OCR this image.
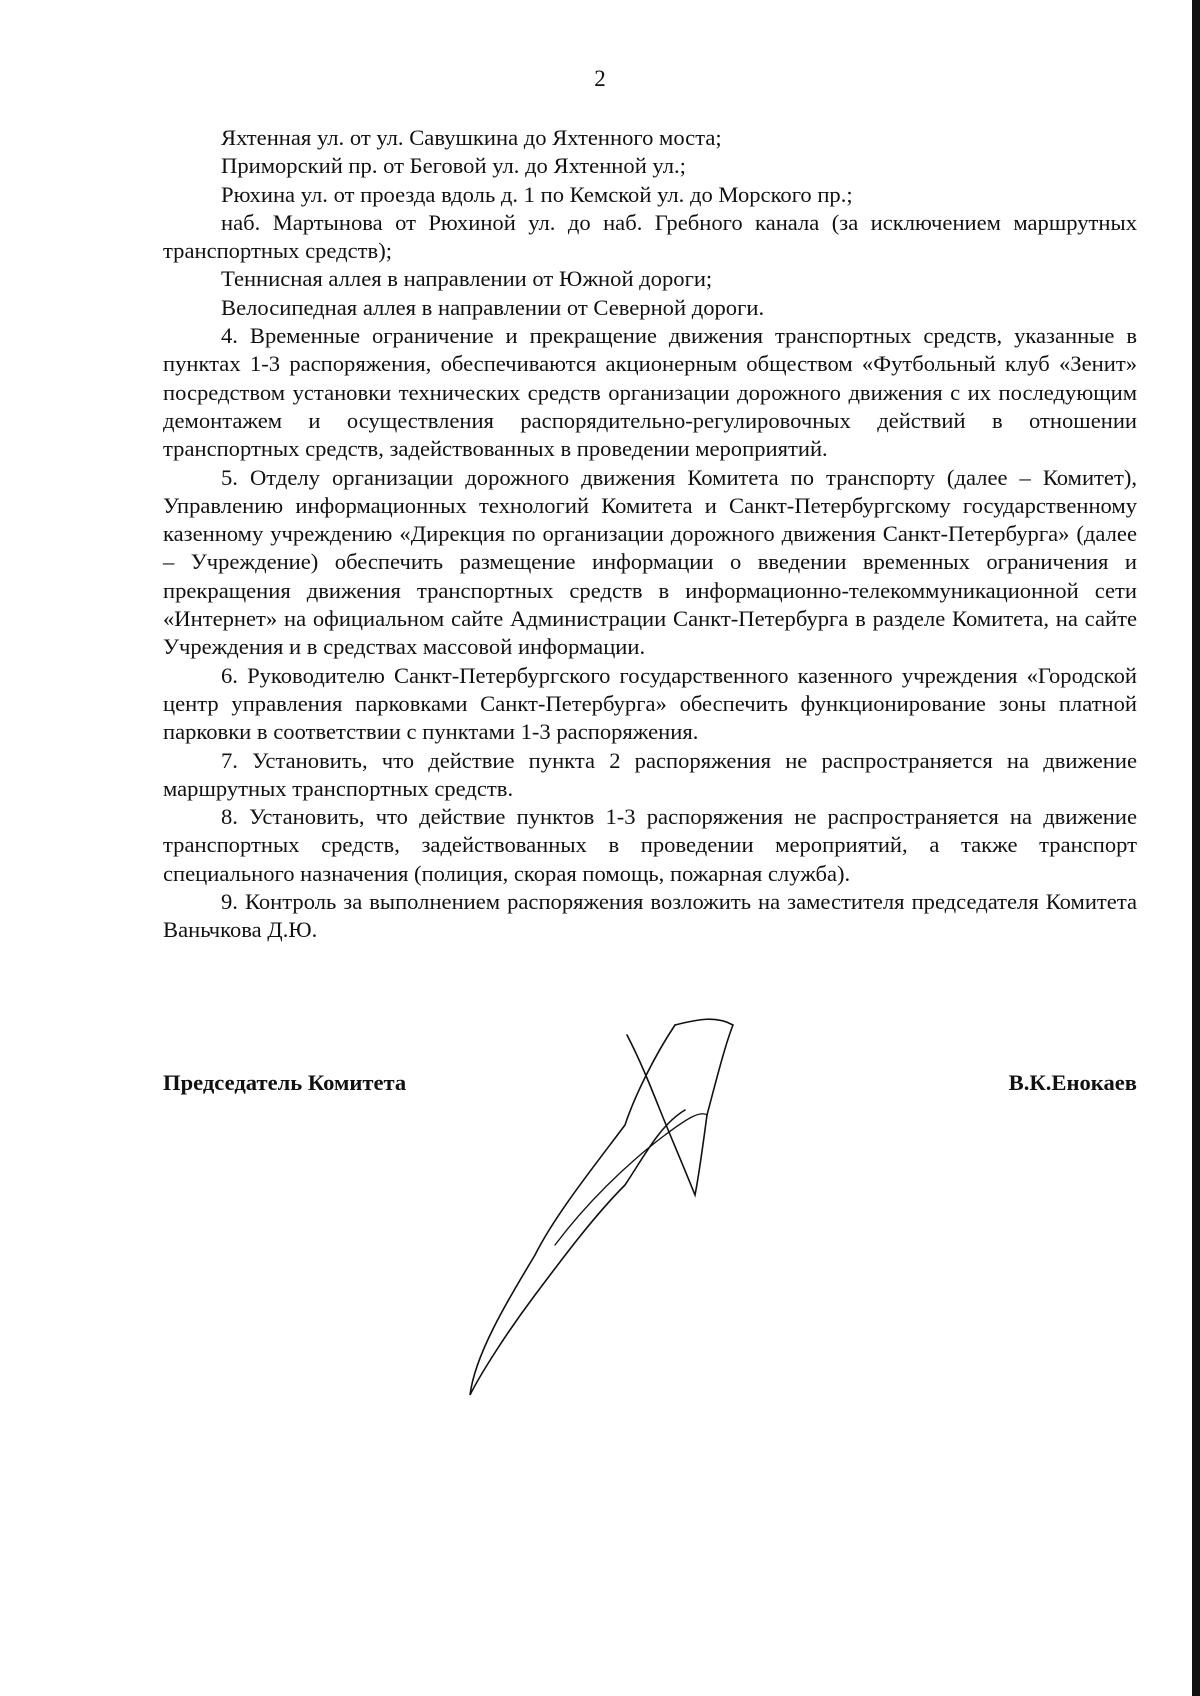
2

Яхтенная ул. от ул. Савушкина до Яхтенного моста;

Приморский пр. от Беговой ул. до Яхтенной ул.;

Рюхина ул. от проезда вдоль д. 1 по Кемской ул. до Морского пр.;

наб. Мартынова от Рюхиной ул. до наб. Гребного канала (за исключением маршрутных транспортных средств);

Теннисная аллея в направлении от Южной дороги;

Велосипедная аллея в направлении от Северной дороги.

4. Временные ограничение и прекращение движения транспортных средств, указанные в пунктах 1-3 распоряжения, обеспечиваются акционерным обществом «Футбольный клуб «Зенит» посредством установки технических средств организации дорожного движения с их последующим демонтажем и осуществления распорядительно-регулировочных действий в отношении транспортных средств, задействованных в проведении мероприятий.

5. Отделу организации дорожного движения Комитета по транспорту (далее – Комитет), Управлению информационных технологий Комитета и Санкт-Петербургскому государственному казенному учреждению «Дирекция по организации дорожного движения Санкт-Петербурга» (далее – Учреждение) обеспечить размещение информации о введении временных ограничения и прекращения движения транспортных средств в информационно-телекоммуникационной сети «Интернет» на официальном сайте Администрации Санкт-Петербурга в разделе Комитета, на сайте Учреждения и в средствах массовой информации.

6. Руководителю Санкт-Петербургского государственного казенного учреждения «Городской центр управления парковками Санкт-Петербурга» обеспечить функционирование зоны платной парковки в соответствии с пунктами 1-3 распоряжения.

7. Установить, что действие пункта 2 распоряжения не распространяется на движение маршрутных транспортных средств.

8. Установить, что действие пунктов 1-3 распоряжения не распространяется на движение транспортных средств, задействованных в проведении мероприятий, а также транспорт специального назначения (полиция, скорая помощь, пожарная служба).

9. Контроль за выполнением распоряжения возложить на заместителя председателя Комитета Ваньчкова Д.Ю.

Председатель Комитета	В.К.Енокаев
